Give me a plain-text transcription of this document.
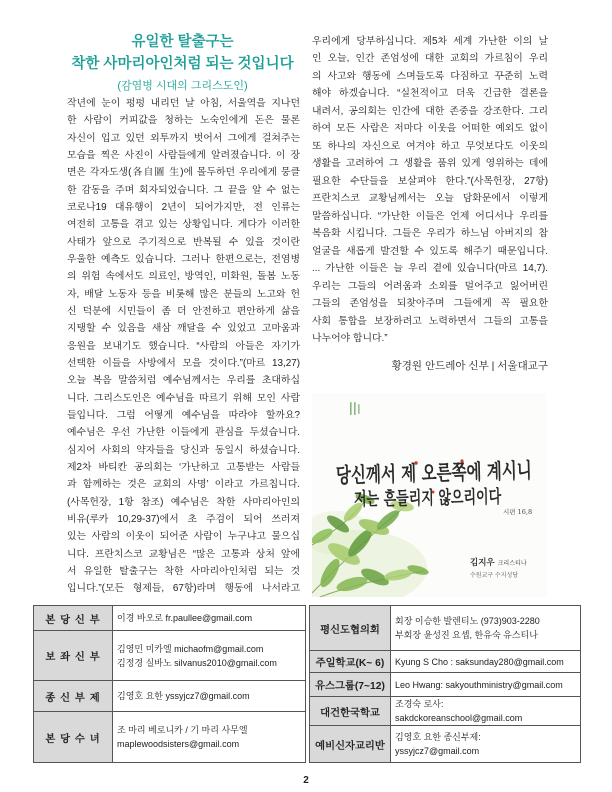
유일한 탈출구는
착한 사마리아인처럼 되는 것입니다
(감염병 시대의 그리스도인)
작년에 눈이 펑펑 내리던 날 아침, 서울역을 지나던
한 사람이 커피값을 청하는 노숙인에게 돈은 물론
자신이 입고 있던 외투까지 벗어서 그에게 걸쳐주는
모습을 찍은 사진이 사람들에게 알려졌습니다. 이 장
면은 각자도생(各自圖 生)에 몰두하던 우리에게 뭉클
한 감동을 주며 회자되었습니다. 그 끝을 알 수 없는
코로나19 대유행이 2년이 되어가지만, 전 인류는
여전히 고통을 겪고 있는 상황입니다. 게다가 이러한
사태가 앞으로 주기적으로 반복될 수 있을 것이란
우울한 예측도 있습니다. 그러나 한편으로는, 전염병
의 위험 속에서도 의료인, 방역인, 미화원, 돌봄 노동
자, 배달 노동자 등을 비롯해 많은 분들의 노고와 헌
신 덕분에 시민들이 좀 더 안전하고 편안하게 삶을
지탱할 수 있음을 새삼 깨달을 수 있었고 고마움과
응원을 보내기도 했습니다. “사람의 아들은 자기가
선택한 이들을 사방에서 모을 것이다.”(마르 13,27)
오늘 복음 말씀처럼 예수님께서는 우리를 초대하십
니다. 그리스도인은 예수님을 따르기 위해 모인 사람
들입니다. 그럼 어떻게 예수님을 따라야 할까요?
예수님은 우선 가난한 이들에게 관심을 두셨습니다.
심지어 사회의 약자들을 당신과 동일시 하셨습니다.
제2차 바티칸 공의회는 ‘가난하고 고통받는 사람들
과 함께하는 것은 교회의 사명’ 이라고 가르칩니다.
(사목헌장, 1항 참조) 예수님은 착한 사마리아인의
비유(루카 10,29-37)에서 초 주검이 되어 쓰러져
있는 사람의 이웃이 되어준 사람이 누구냐고 물으십
니다. 프란치스코 교황님은 “많은 고통과 상처 앞에
서 유일한 탈출구는 착한 사마리아인처럼 되는 것
입니다.”(모든 형제들, 67항)라며 행동에 나서라고
우리에게 당부하십니다. 제5차 세계 가난한 이의 날
인 오늘, 인간 존엄성에 대한 교회의 가르침이 우리
의 사고와 행동에 스며들도록 다짐하고 꾸준히 노력
해야 하겠습니다. “실천적이고 더욱 긴급한 결론을
내려서, 공의회는 인간에 대한 존중을 강조한다. 그리
하여 모든 사람은 저마다 이웃을 어떠한 예외도 없이
또 하나의 자신으로 여겨야 하고 무엇보다도 이웃의
생활을 고려하여 그 생활을 품위 있게 영위하는 데에
필요한 수단들을 보살펴야 한다.”(사목헌장, 27항)
프란치스코 교황님께서는 오늘 담화문에서 이렇게
말씀하십니다. “가난한 이들은 언제 어디서나 우리를
복음화 시킵니다. 그들은 우리가 하느님 아버지의 참
얼굴을 새롭게 발견할 수 있도록 해주기 때문입니다.
... 가난한 이들은 늘 우리 곁에 있습니다(마르 14,7).
우리는 그들의 어려움과 소외를 덜어주고 잃어버린
그들의 존엄성을 되찾아주며 그들에게 꼭 필요한
사회 통합을 보장하려고 노력하면서 그들의 고통을
나누어야 합니다.”
황경원 안드레아 신부 | 서울대교구
당신께서 제 오른쪽에 계시니
저는 흔들리지 않으리이다
시편 16,8
김지우 크리스티나
수원교구 수지성당
본 당 신 부	이경 바오로 fr.paullee@gmail.com

보 좌 신 부	김영민 미카엘 michaofm@gmail.com
김정경 실바노 silvanus2010@gmail.com

종 신 부 제	김영호 요한 yssyjcz7@gmail.com

본 당 수 녀	조 마리 베로니카 / 기 마리 사무엘
maplewoodsisters@gmail.com
평신도협의회	회장 이승한 발렌티노 (973)903-2280
부회장 윤성진 요셉, 한유숙 유스티나

주일학교(K~ 6)	Kyung S Cho : saksunday280@gmail.com

유스그룹(7~12)	Leo Hwang: sakyouthministry@gmail.com

대건한국학교	조경숙 로사:
sakdckoreanschool@gmail.com

예비신자교리반	김영호 요한 종신부제:
yssyjcz7@gmail.com
2
